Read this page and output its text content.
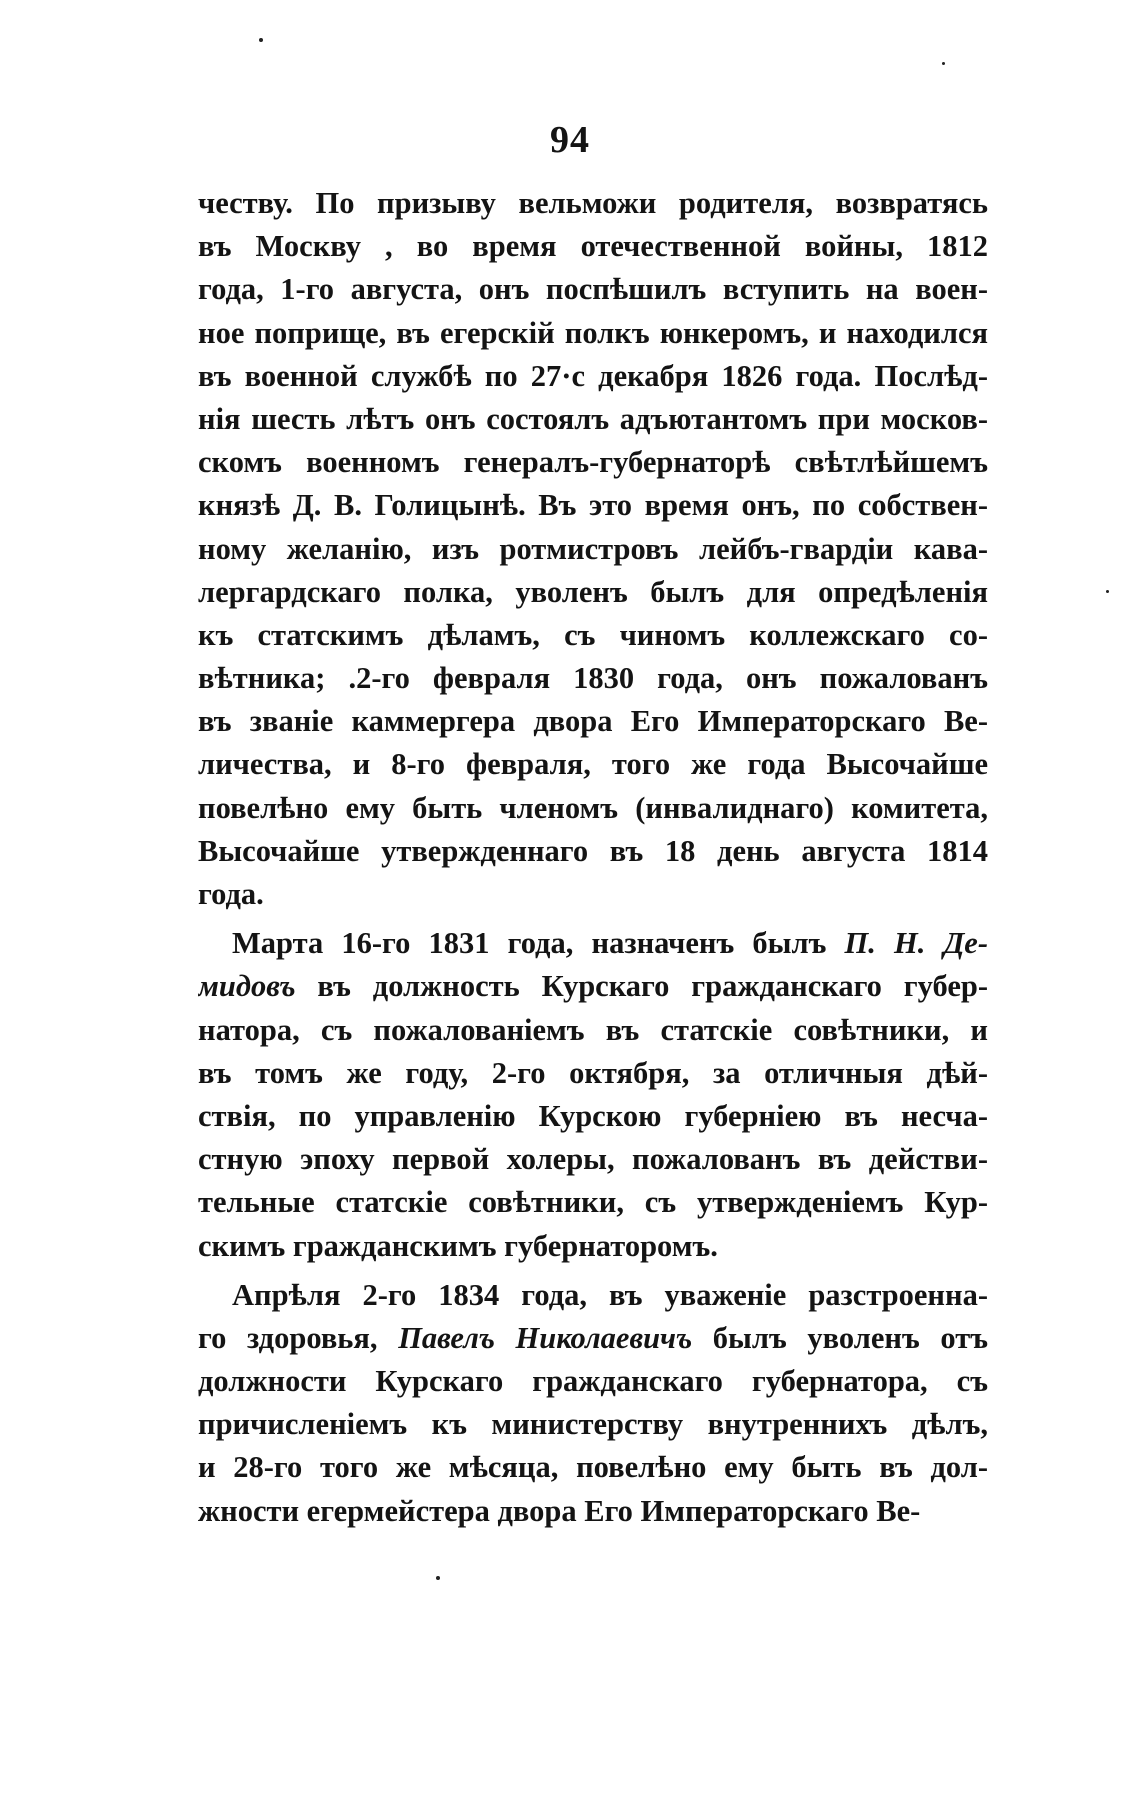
94
честву. По призыву вельможи родителя, возвратясь
въ Москву , во время отечественной войны, 1812
года, 1-го августа, онъ поспѣшилъ вступить на воен-
ное поприще, въ егерскій полкъ юнкеромъ, и находился
въ военной службѣ по 27·с декабря 1826 года. Послѣд-
нія шесть лѣтъ онъ состоялъ адъютантомъ при москов-
скомъ военномъ генералъ-губернаторѣ свѣтлѣйшемъ
князѣ Д. В. Голицынѣ. Въ это время онъ, по собствен-
ному желанію, изъ ротмистровъ лейбъ-гвардіи кава-
лергардскаго полка, уволенъ былъ для опредѣленія
къ статскимъ дѣламъ, съ чиномъ коллежскаго со-
вѣтника; .2-го февраля 1830 года, онъ пожалованъ
въ званіе каммергера двора Его Императорскаго Ве-
личества, и 8-го февраля, того же года Высочайше
повелѣно ему быть членомъ (инвалиднаго) комитета,
Высочайше утвержденнаго въ 18 день августа 1814
года.
Марта 16-го 1831 года, назначенъ былъ П. Н. Де-
мидовъ въ должность Курскаго гражданскаго губер-
натора, съ пожалованіемъ въ статскіе совѣтники, и
въ томъ же году, 2-го октября, за отличныя дѣй-
ствія, по управленію Курскою губерніею въ несча-
стную эпоху первой холеры, пожалованъ въ действи-
тельные статскіе совѣтники, съ утвержденіемъ Кур-
скимъ гражданскимъ губернаторомъ.
Апрѣля 2-го 1834 года, въ уваженіе разстроенна-
го здоровья, Павелъ Николаевичъ былъ уволенъ отъ
должности Курскаго гражданскаго губернатора, съ
причисленіемъ къ министерству внутреннихъ дѣлъ,
и 28-го того же мѣсяца, повелѣно ему быть въ дол-
жности егермейстера двора Его Императорскаго Ве-
